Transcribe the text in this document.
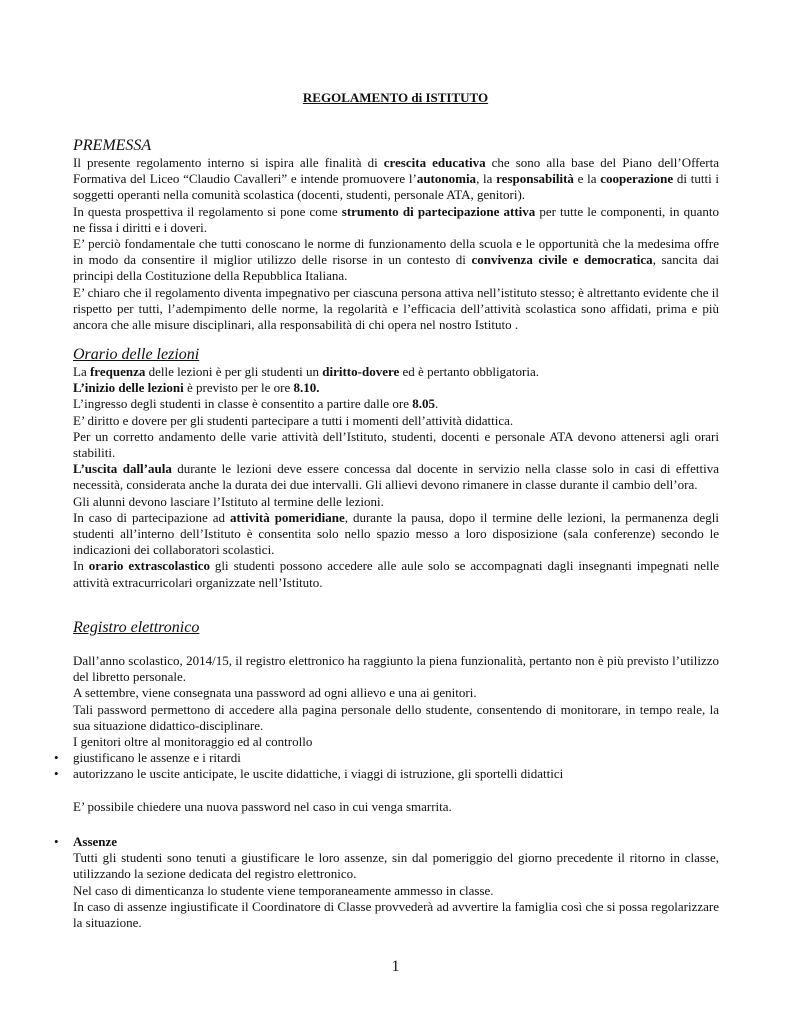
REGOLAMENTO di ISTITUTO
PREMESSA

Il presente regolamento interno si ispira alle finalità di crescita educativa che sono alla base del Piano dell’Offerta Formativa del Liceo “Claudio Cavalleri” e intende promuovere l’autonomia, la responsabilità e la cooperazione di tutti i soggetti operanti nella comunità scolastica (docenti, studenti, personale ATA, genitori).

In questa prospettiva il regolamento si pone come strumento di partecipazione attiva per tutte le componenti, in quanto ne fissa i diritti e i doveri.

E’ perciò fondamentale che tutti conoscano le norme di funzionamento della scuola e le opportunità che la medesima offre in modo da consentire il miglior utilizzo delle risorse in un contesto di convivenza civile e democratica, sancita dai principi della Costituzione della Repubblica Italiana.

E’ chiaro che il regolamento diventa impegnativo per ciascuna persona attiva nell’istituto stesso; è altrettanto evidente che il rispetto per tutti, l’adempimento delle norme, la regolarità e l’efficacia dell’attività scolastica sono affidati, prima e più ancora che alle misure disciplinari, alla responsabilità di chi opera nel nostro Istituto .

Orario delle lezioni

La frequenza delle lezioni è per gli studenti un diritto-dovere ed è pertanto obbligatoria.

L’inizio delle lezioni è previsto per le ore 8.10.

L’ingresso degli studenti in classe è consentito a partire dalle ore 8.05.

E’ diritto e dovere per gli studenti partecipare a tutti i momenti dell’attività didattica.

Per un corretto andamento delle varie attività dell’Istituto, studenti, docenti e personale ATA devono attenersi agli orari stabiliti.

L’uscita dall’aula durante le lezioni deve essere concessa dal docente in servizio nella classe solo in casi di effettiva necessità, considerata anche la durata dei due intervalli. Gli allievi devono rimanere in classe durante il cambio dell’ora.

Gli alunni devono lasciare l’Istituto al termine delle lezioni.

In caso di partecipazione ad attività pomeridiane, durante la pausa, dopo il termine delle lezioni, la permanenza degli studenti all’interno dell’Istituto è consentita solo nello spazio messo a loro disposizione (sala conferenze) secondo le indicazioni dei collaboratori scolastici.

In orario extrascolastico gli studenti possono accedere alle aule solo se accompagnati dagli insegnanti impegnati nelle attività extracurricolari organizzate nell’Istituto.

Registro elettronico

Dall’anno scolastico, 2014/15, il registro elettronico ha raggiunto la piena funzionalità, pertanto non è più previsto l’utilizzo del libretto personale.

A settembre, viene consegnata una password ad ogni allievo e una ai genitori.

Tali password permettono di accedere alla pagina personale dello studente, consentendo di monitorare, in tempo reale, la sua situazione didattico-disciplinare.

I genitori oltre al monitoraggio ed al controllo

• giustificano le assenze e i ritardi
• autorizzano le uscite anticipate, le uscite didattiche, i viaggi di istruzione, gli sportelli didattici

E’ possibile chiedere una nuova password nel caso in cui venga smarrita.

• Assenze

Tutti gli studenti sono tenuti a giustificare le loro assenze, sin dal pomeriggio del giorno precedente il ritorno in classe, utilizzando la sezione dedicata del registro elettronico.

Nel caso di dimenticanza lo studente viene temporaneamente ammesso in classe.

In caso di assenze ingiustificate il Coordinatore di Classe provvederà ad avvertire la famiglia così che si possa regolarizzare la situazione.

1
